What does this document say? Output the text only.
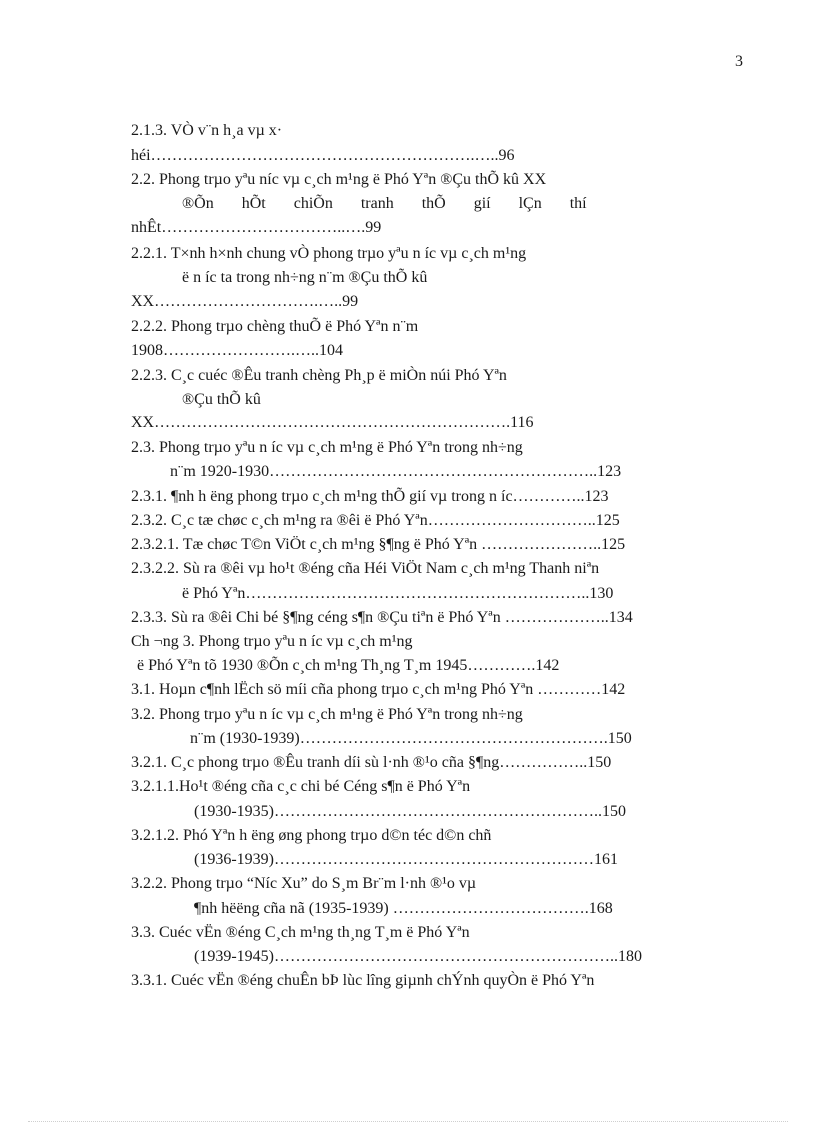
3
2.1.3. VÒ v¨n h¸a vµ x·
héi…………………………………………………….…..96
2.2. Phong trµo yªu níc vµ c¸ch m¹ng ë Phó Yªn ®Çu thÕ kû XX
®Õn hÕt chiÕn tranh thÕ gií lÇn thí
nhÊt……………………………..….99
2.2.1. T×nh h×nh chung vÒ phong trµo yªu n íc vµ c¸ch m¹ng
ë n íc ta trong nh÷ng n¨m ®Çu thÕ kû
XX………………………….…..99
2.2.2. Phong trµo chèng thuÕ ë Phó Yªn n¨m
1908…………………….…..104
2.2.3. C¸c cuéc ®Êu tranh chèng Ph¸p ë miÒn núi Phó Yªn
®Çu thÕ kû
XX………………………………………………………….116
2.3. Phong trµo yªu n íc vµ c¸ch m¹ng ë Phó Yªn trong nh÷ng
n¨m 1920-1930……………………………………………………..123
2.3.1. ¶nh h ëng phong trµo c¸ch m¹ng thÕ gií vµ trong n íc…………..123
2.3.2. C¸c tæ chøc c¸ch m¹ng ra ®êi ë Phó Yªn…………………………..125
2.3.2.1. Tæ chøc T©n ViÖt c¸ch m¹ng §¶ng ë Phó Yªn …………………..125
2.3.2.2. Sù ra ®êi vµ ho¹t ®éng cña Héi ViÖt Nam c¸ch m¹ng Thanh niªn
ë Phó Yªn………………………………………………………..130
2.3.3. Sù ra ®êi Chi bé §¶ng céng s¶n ®Çu tiªn ë Phó Yªn ………………..134
Ch ¬ng 3. Phong trµo yªu n íc vµ c¸ch m¹ng
ë Phó Yªn tõ 1930 ®Õn c¸ch m¹ng Th¸ng T¸m 1945………….142
3.1. Hoµn c¶nh lËch sö míi cña phong trµo c¸ch m¹ng Phó Yªn …………142
3.2. Phong trµo yªu n íc vµ c¸ch m¹ng ë Phó Yªn trong nh÷ng
n¨m (1930-1939)………………………………………………….150
3.2.1. C¸c phong trµo ®Êu tranh díi sù l·nh ®¹o cña §¶ng……………..150
3.2.1.1.Ho¹t ®éng cña c¸c chi bé Céng s¶n ë Phó Yªn
(1930-1935)……………………………………………………..150
3.2.1.2. Phó Yªn h ëng øng phong trµo d©n téc d©n chñ
(1936-1939)……………………………………………………161
3.2.2. Phong trµo “Níc Xu” do S¸m Br¨m l·nh ®¹o vµ
¶nh hëëng cña nã (1935-1939) ……………………………….168
3.3. Cuéc vËn ®éng C¸ch m¹ng th¸ng T¸m ë Phó Yªn
(1939-1945)………………………………………………………..180
3.3.1. Cuéc vËn ®éng chuÊn bÞ lùc lîng giµnh chÝnh quyÒn ë Phó Yªn
